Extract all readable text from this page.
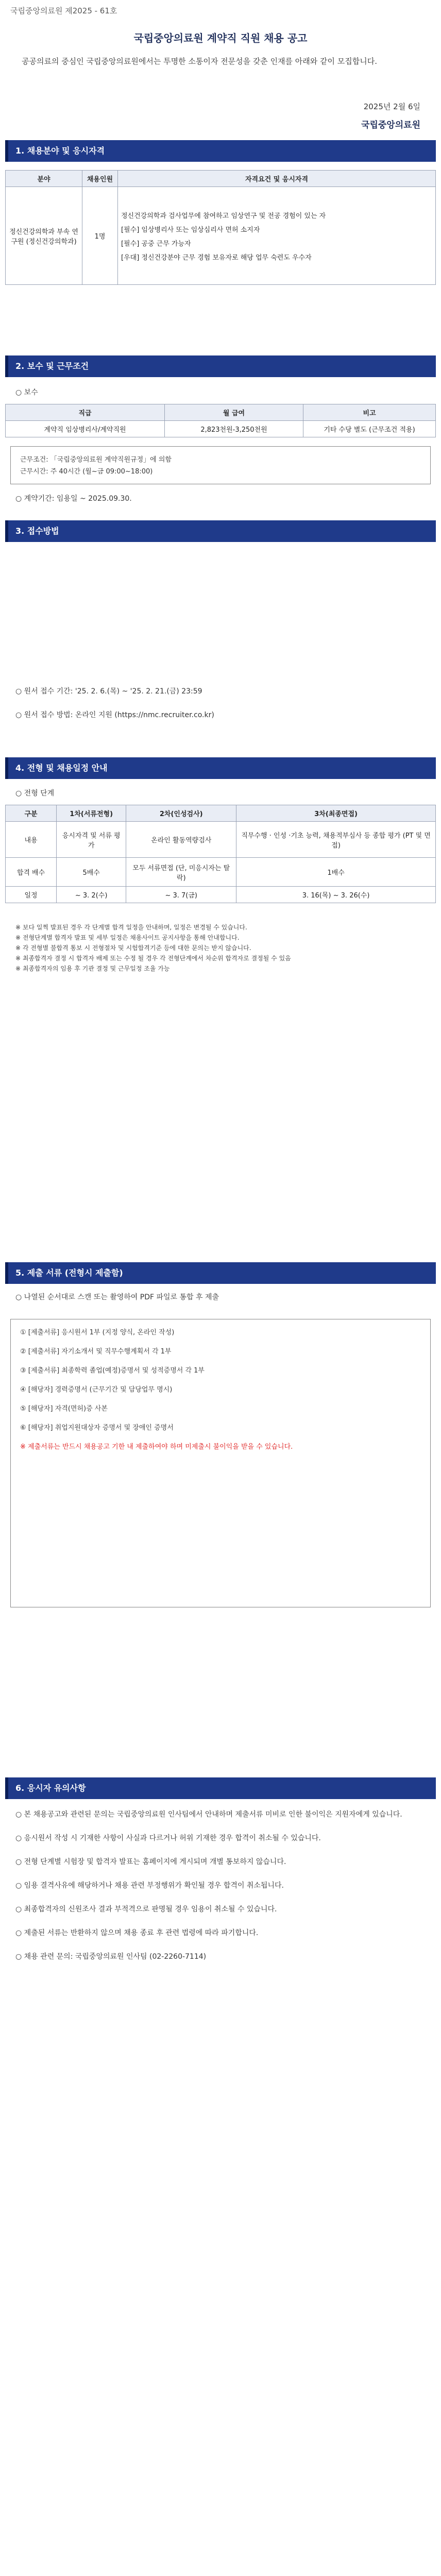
국립중앙의료원 제2025 - 61호
국립중앙의료원 계약직 직원 채용 공고
공공의료의 중심인 국립중앙의료원에서는 투명한 소통이자 전문성을 갖춘 인재를 아래와 같이 모집합니다.
2025년 2월 6일
국립중앙의료원
1. 채용분야 및 응시자격
분야	채용인원	자격요건 및 응시자격
정신건강의학과 부속 연구원 (정신건강의학과)	1명	정신건강의학과 검사업무에 참여하고 임상연구 및 전공 경험이 있는 자
[필수] 임상병리사 또는 임상심리사 면허 소지자
[필수] 공중 근무 가능자
[우대] 정신건강분야 근무 경험 보유자로 해당 업무 숙련도 우수자
2. 보수 및 근무조건
○ 보수
직급	월 급여	비고
계약직 임상병리사/계약직원	2,823천원-3,250천원	기타 수당 별도 (근무조건 적용)
근무조건: 「국립중앙의료원 계약직원규정」에 의함
근무시간: 주 40시간 (월~금 09:00~18:00)
○ 계약기간: 임용일 ~ 2025.09.30.
3. 접수방법
○ 원서 접수 기간: '25. 2. 6.(목) ~ '25. 2. 21.(금) 23:59
○ 원서 접수 방법: 온라인 지원 (https://nmc.recruiter.co.kr)
4. 전형 및 채용일정 안내
○ 전형 단계
구분	1차(서류전형)	2차(인성검사)	3차(최종면접)
내용	응시자격 및 서류 평가	온라인 활동역량검사	직무수행 · 인성 ·기초 능력, 채용적부심사 등 종합 평가 (PT 및 면접)
합격 배수	5배수	모두 서류면접 (단, 미응시자는 탈락)	1배수
일정	~ 3. 2(수)	~ 3. 7(금)	3. 16(목) ~ 3. 26(수)
※ 보다 일찍 발표된 경우 각 단계별 합격 일정을 안내하며, 일정은 변경될 수 있습니다.
※ 전형단계별 합격자 발표 및 세부 일정은 채용사이트 공지사항을 통해 안내합니다.
※ 각 전형별 불합격 통보 시 전형절차 및 시험합격기준 등에 대한 문의는 받지 않습니다.
※ 최종합격자 결정 시 합격자 배제 또는 수정 될 경우 각 전형단계에서 차순위 합격자로 결정될 수 있음
※ 최종합격자의 임용 후 기관 결정 및 근무일정 조율 가능
5. 제출 서류 (전형시 제출함)
○ 나열된 순서대로 스캔 또는 촬영하여 PDF 파일로 통합 후 제출
① [제출서류] 응시원서 1부 (지정 양식, 온라인 작성)
② [제출서류] 자기소개서 및 직무수행계획서 각 1부
③ [제출서류] 최종학력 졸업(예정)증명서 및 성적증명서 각 1부
④ [해당자] 경력증명서 (근무기간 및 담당업무 명시)
⑤ [해당자] 자격(면허)증 사본
⑥ [해당자] 취업지원대상자 증명서 및 장애인 증명서
※ 제출서류는 반드시 채용공고 기한 내 제출하여야 하며 미제출시 불이익을 받을 수 있습니다.
6. 응시자 유의사항
○ 본 채용공고와 관련된 문의는 국립중앙의료원 인사팀에서 안내하며 제출서류 미비로 인한 불이익은 지원자에게 있습니다.
○ 응시원서 작성 시 기재한 사항이 사실과 다르거나 허위 기재한 경우 합격이 취소될 수 있습니다.
○ 전형 단계별 시험장 및 합격자 발표는 홈페이지에 게시되며 개별 통보하지 않습니다.
○ 임용 결격사유에 해당하거나 채용 관련 부정행위가 확인될 경우 합격이 취소됩니다.
○ 최종합격자의 신원조사 결과 부적격으로 판명될 경우 임용이 취소될 수 있습니다.
○ 제출된 서류는 반환하지 않으며 채용 종료 후 관련 법령에 따라 파기합니다.
○ 채용 관련 문의: 국립중앙의료원 인사팀 (02-2260-7114)
